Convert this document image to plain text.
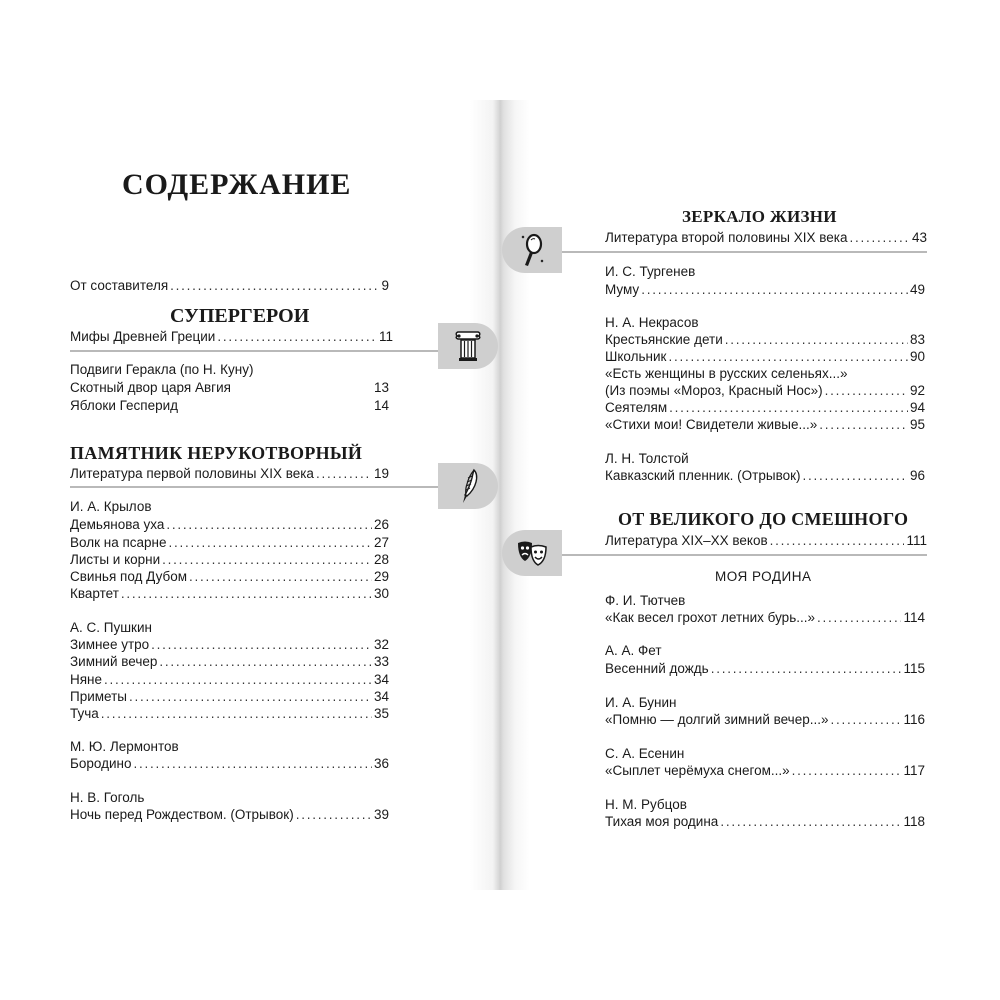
СОДЕРЖАНИЕ
От составителя . . .	9
СУПЕРГЕРОИ
Мифы Древней Греции . . .	11
Подвиги Геракла (по Н. Куну)
Скотный двор царя Авгия	13
Яблоки Гесперид	14
ПАМЯТНИК НЕРУКОТВОРНЫЙ
Литература первой половины XIX века . . .	19
И. А. Крылов
Демьянова уха . . .	26
Волк на псарне . . .	27
Листы и корни . . .	28
Свинья под Дубом . . .	29
Квартет . . .	30
А. С. Пушкин
Зимнее утро . . .	32
Зимний вечер . . .	33
Няне . . .	34
Приметы . . .	34
Туча . . .	35
М. Ю. Лермонтов
Бородино . . .	36
Н. В. Гоголь
Ночь перед Рождеством. (Отрывок) . . .	39
ЗЕРКАЛО ЖИЗНИ
Литература второй половины XIX века . . .	43
И. С. Тургенев
Муму . . .	49
Н. А. Некрасов
Крестьянские дети . . .	83
Школьник . . .	90
«Есть женщины в русских селеньях...»
(Из поэмы «Мороз, Красный Нос») . . .	92
Сеятелям . . .	94
«Стихи мои! Свидетели живые...» . . .	95
Л. Н. Толстой
Кавказский пленник. (Отрывок) . . .	96
ОТ ВЕЛИКОГО ДО СМЕШНОГО
Литература XIX–XX веков . . .	111
МОЯ РОДИНА
Ф. И. Тютчев
«Как весел грохот летних бурь...» . . .	114
А. А. Фет
Весенний дождь . . .	115
И. А. Бунин
«Помню — долгий зимний вечер...» . . .	116
С. А. Есенин
«Сыплет черёмуха снегом...» . . .	117
Н. М. Рубцов
Тихая моя родина . . .	118
